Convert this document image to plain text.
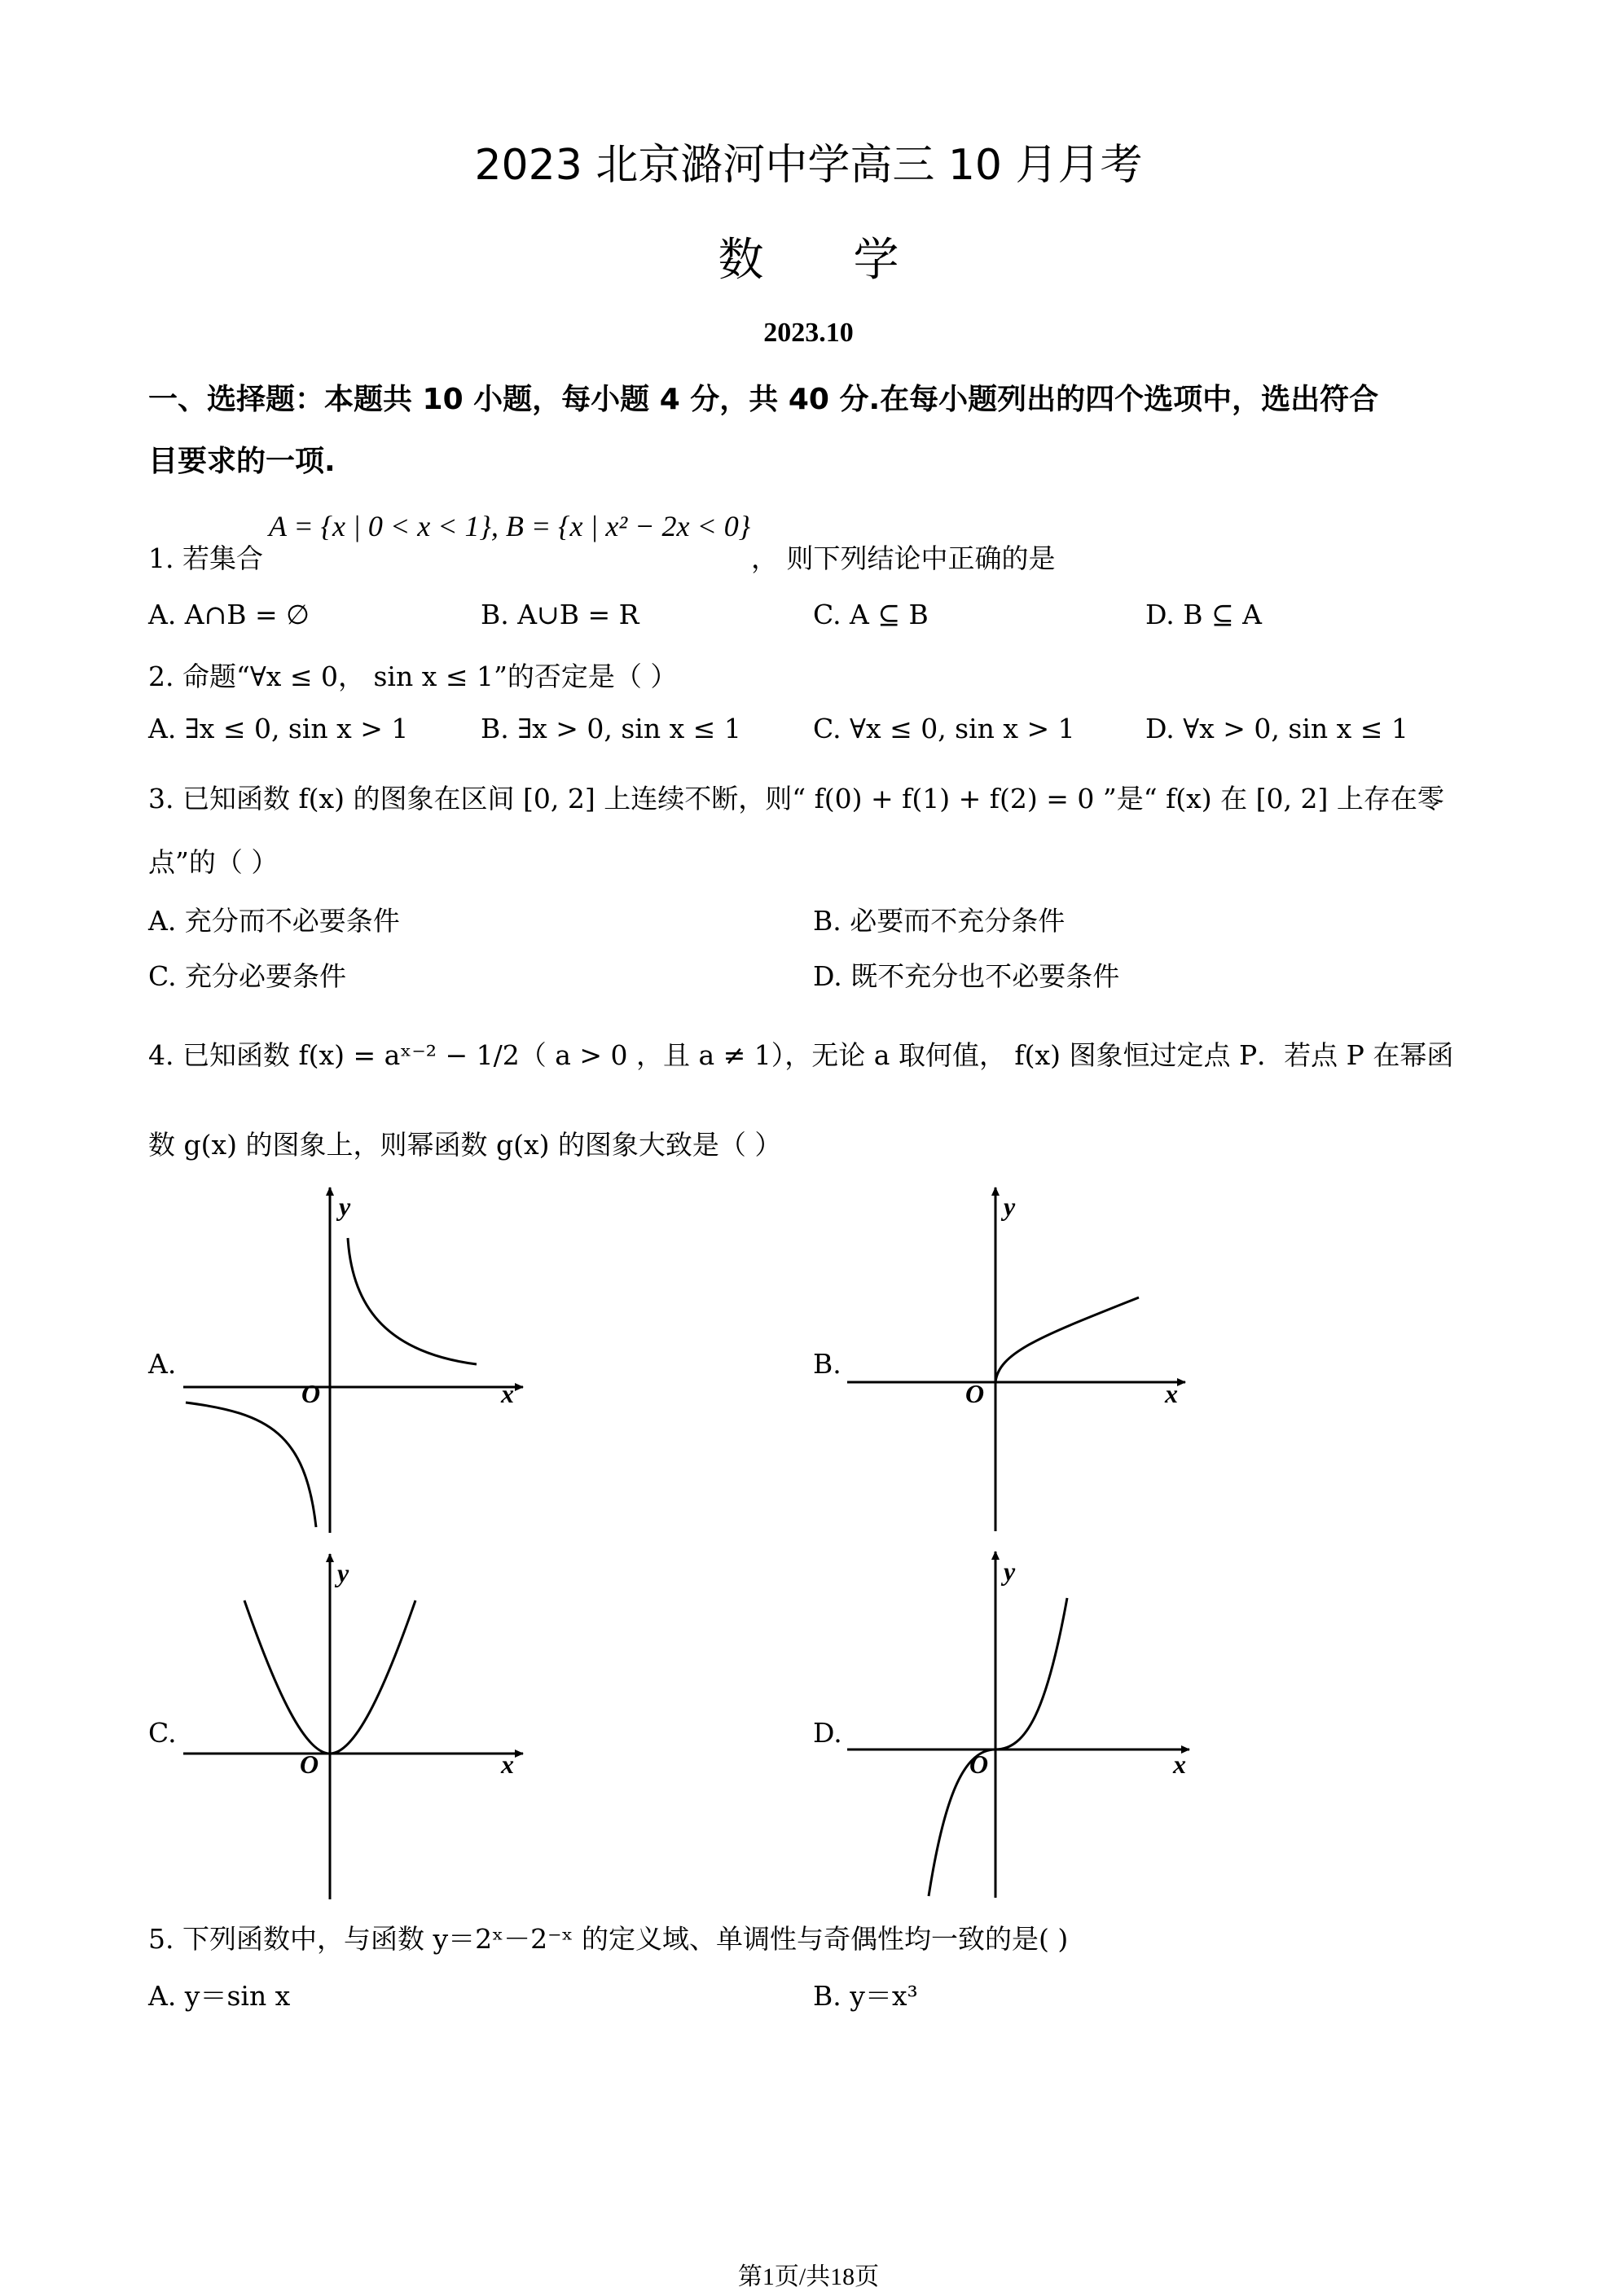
2023 北京潞河中学高三 10 月月考
数学
2023.10
一、选择题：本题共 10 小题，每小题 4 分，共 40 分.在每小题列出的四个选项中，选出符合
目要求的一项.
1. 若集合
A = {x | 0 < x < 1}, B = {x | x² − 2x < 0}
， 则下列结论中正确的是
A. A∩B = ∅	B. A∪B = R	C. A ⊆ B	D. B ⊆ A
2. 命题“∀x ≤ 0， sin x ≤ 1”的否定是（ ）
A. ∃x ≤ 0, sin x > 1	B. ∃x > 0, sin x ≤ 1	C. ∀x ≤ 0, sin x > 1	D. ∀x > 0, sin x ≤ 1
3. 已知函数 f(x) 的图象在区间 [0, 2] 上连续不断，则“ f(0) + f(1) + f(2) = 0 ”是“ f(x) 在 [0, 2] 上存在零
点”的（ ）
A. 充分而不必要条件	B. 必要而不充分条件
C. 充分必要条件	D. 既不充分也不必要条件
4. 已知函数 f(x) = aˣ⁻² − 1/2（ a > 0 ，且 a ≠ 1），无论 a 取何值， f(x) 图象恒过定点 P．若点 P 在幂函
数 g(x) 的图象上，则幂函数 g(x) 的图象大致是（ ）
A.	B.
C.	D.
O	x
y
O	x
y
O	x
y
O	x
y
5. 下列函数中，与函数 y＝2ˣ－2⁻ˣ 的定义域、单调性与奇偶性均一致的是( )
A. y＝sin x	B. y＝x³
第1页/共18页
